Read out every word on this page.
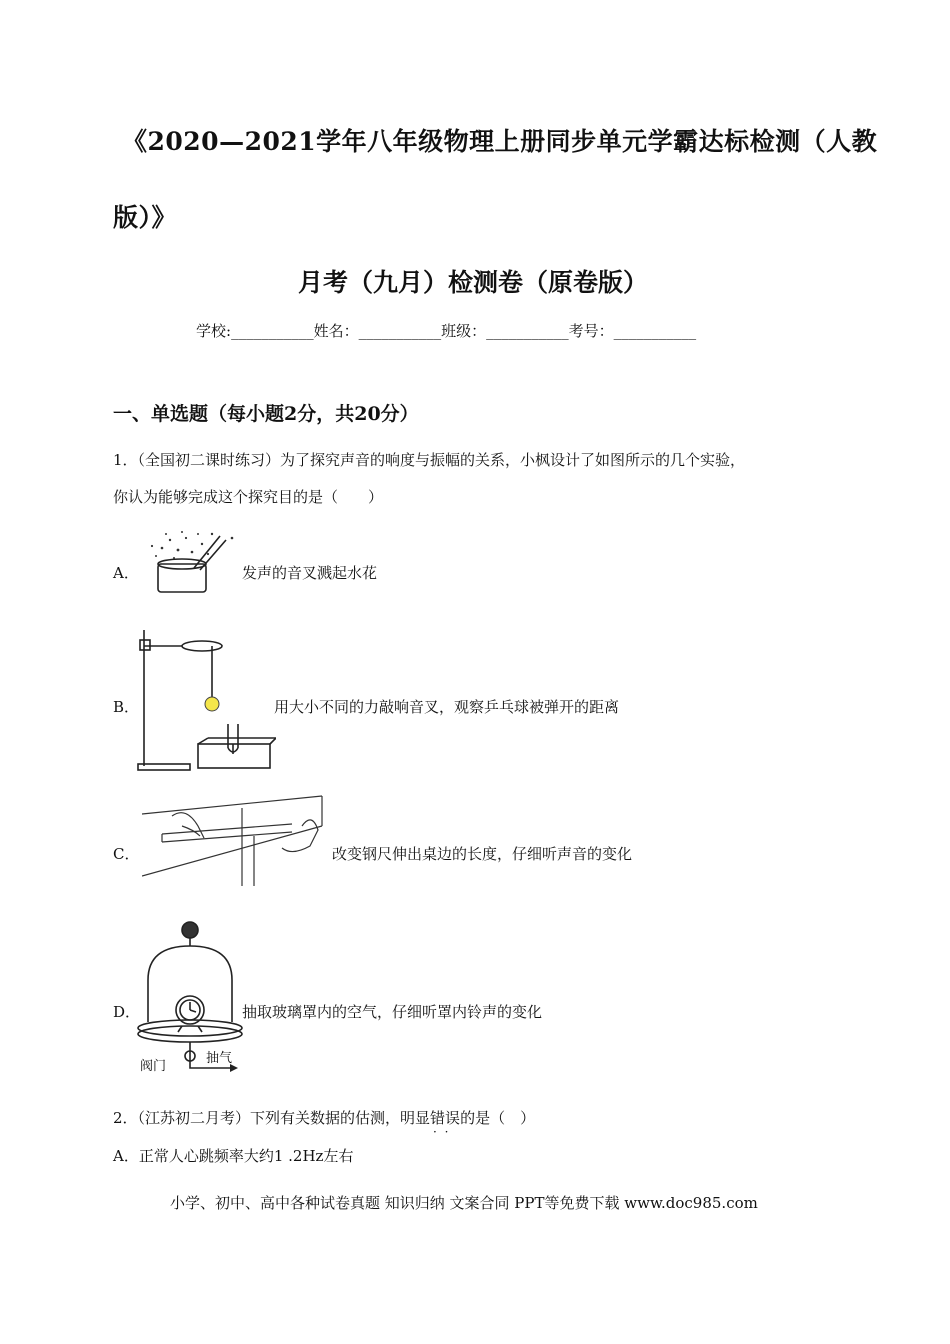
《2020—2021学年八年级物理上册同步单元学霸达标检测（人教
版）》
月考（九月）检测卷（原卷版）
学校:___________姓名：___________班级：___________考号：___________
一、单选题（每小题2分，共20分）
1．（全国初二课时练习）为了探究声音的响度与振幅的关系，小枫设计了如图所示的几个实验，
你认为能够完成这个探究目的是（　　）
A．	发声的音叉溅起水花
B．	用大小不同的力敲响音叉，观察乒乓球被弹开的距离
C．	改变钢尺伸出桌边的长度，仔细听声音的变化
D．
阀门
抽气
抽取玻璃罩内的空气，仔细听罩内铃声的变化
2．（江苏初二月考）下列有关数据的估测，明显错误 · ·的是（　）
A．正常人心跳频率大约1 .2Hz左右
小学、初中、高中各种试卷真题 知识归纳 文案合同 PPT等免费下载 www.doc985.com
